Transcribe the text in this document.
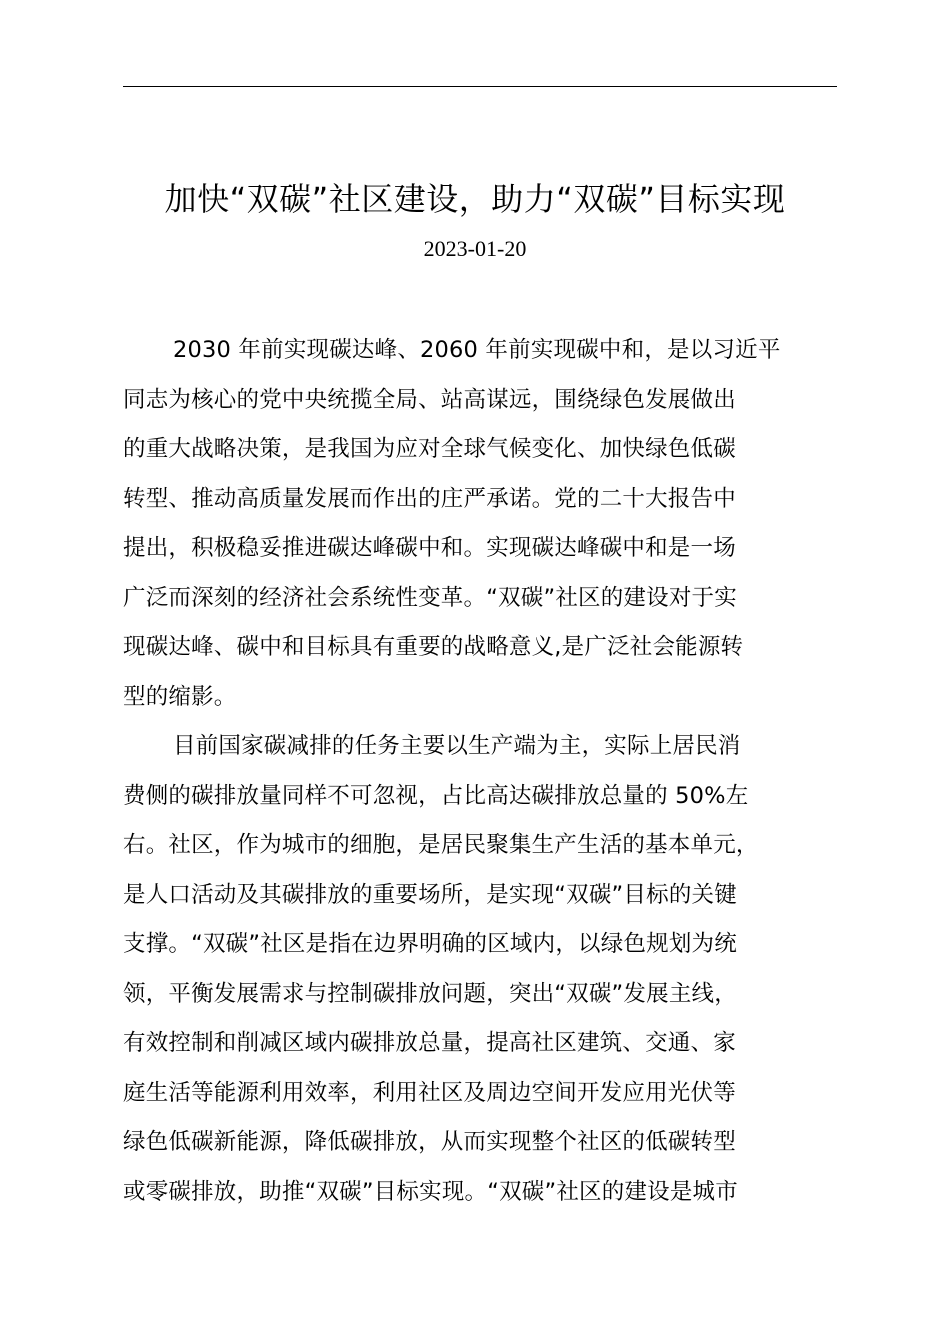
加快“双碳”社区建设，助力“双碳”目标实现
2023-01-20

2030 年前实现碳达峰、2060 年前实现碳中和，是以习近平
同志为核心的党中央统揽全局、站高谋远，围绕绿色发展做出
的重大战略决策，是我国为应对全球气候变化、加快绿色低碳
转型、推动高质量发展而作出的庄严承诺。党的二十大报告中
提出，积极稳妥推进碳达峰碳中和。实现碳达峰碳中和是一场
广泛而深刻的经济社会系统性变革。“双碳”社区的建设对于实
现碳达峰、碳中和目标具有重要的战略意义,是广泛社会能源转
型的缩影。

目前国家碳减排的任务主要以生产端为主，实际上居民消
费侧的碳排放量同样不可忽视，占比高达碳排放总量的 50%左
右。社区，作为城市的细胞，是居民聚集生产生活的基本单元，
是人口活动及其碳排放的重要场所，是实现“双碳”目标的关键
支撑。“双碳”社区是指在边界明确的区域内，以绿色规划为统
领，平衡发展需求与控制碳排放问题，突出“双碳”发展主线，
有效控制和削减区域内碳排放总量，提高社区建筑、交通、家
庭生活等能源利用效率，利用社区及周边空间开发应用光伏等
绿色低碳新能源，降低碳排放，从而实现整个社区的低碳转型
或零碳排放，助推“双碳”目标实现。“双碳”社区的建设是城市
